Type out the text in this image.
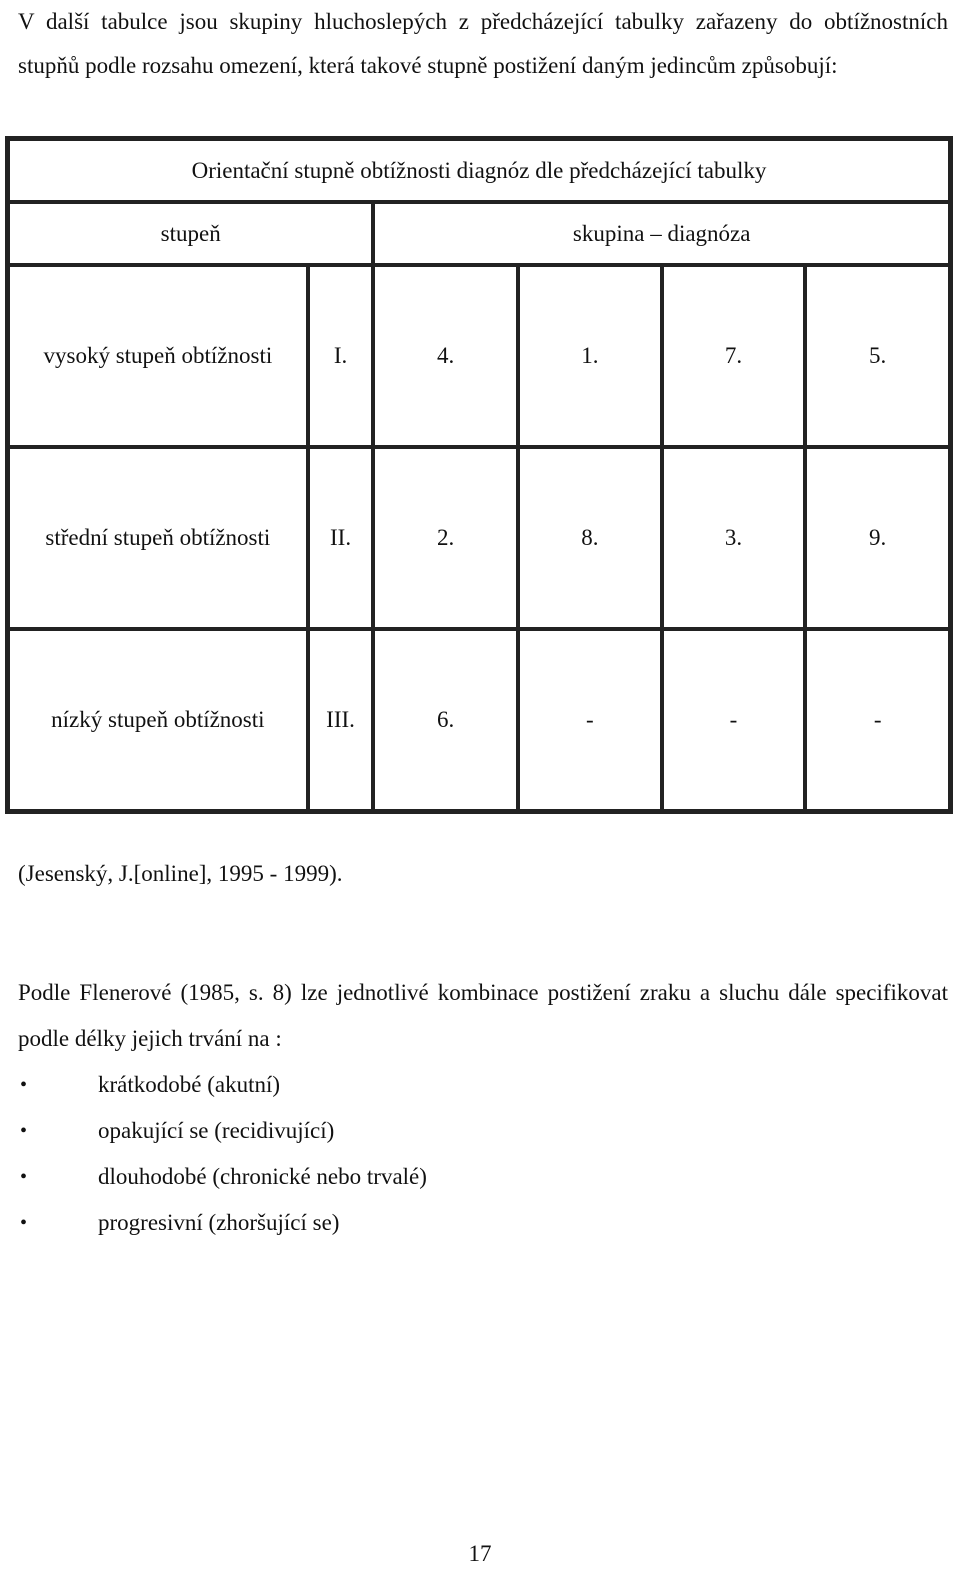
V další tabulce jsou skupiny hluchoslepých z předcházející tabulky zařazeny do obtížnostních stupňů podle rozsahu omezení, která takové stupně postižení daným jedincům způsobují:
Orientační stupně obtížnosti diagnóz dle předcházející tabulky					
stupeň		skupina – diagnóza			
vysoký stupeň obtížnosti	I.	4.	1.	7.	5.
střední stupeň obtížnosti	II.	2.	8.	3.	9.
nízký stupeň obtížnosti	III.	6.	-	-	-
(Jesenský, J.[online], 1995 - 1999).
Podle Flenerové (1985, s. 8) lze jednotlivé kombinace postižení zraku a sluchu dále specifikovat podle délky jejich trvání na :
•	krátkodobé (akutní)
•	opakující se (recidivující)
•	dlouhodobé (chronické nebo trvalé)
•	progresivní (zhoršující se)
17
